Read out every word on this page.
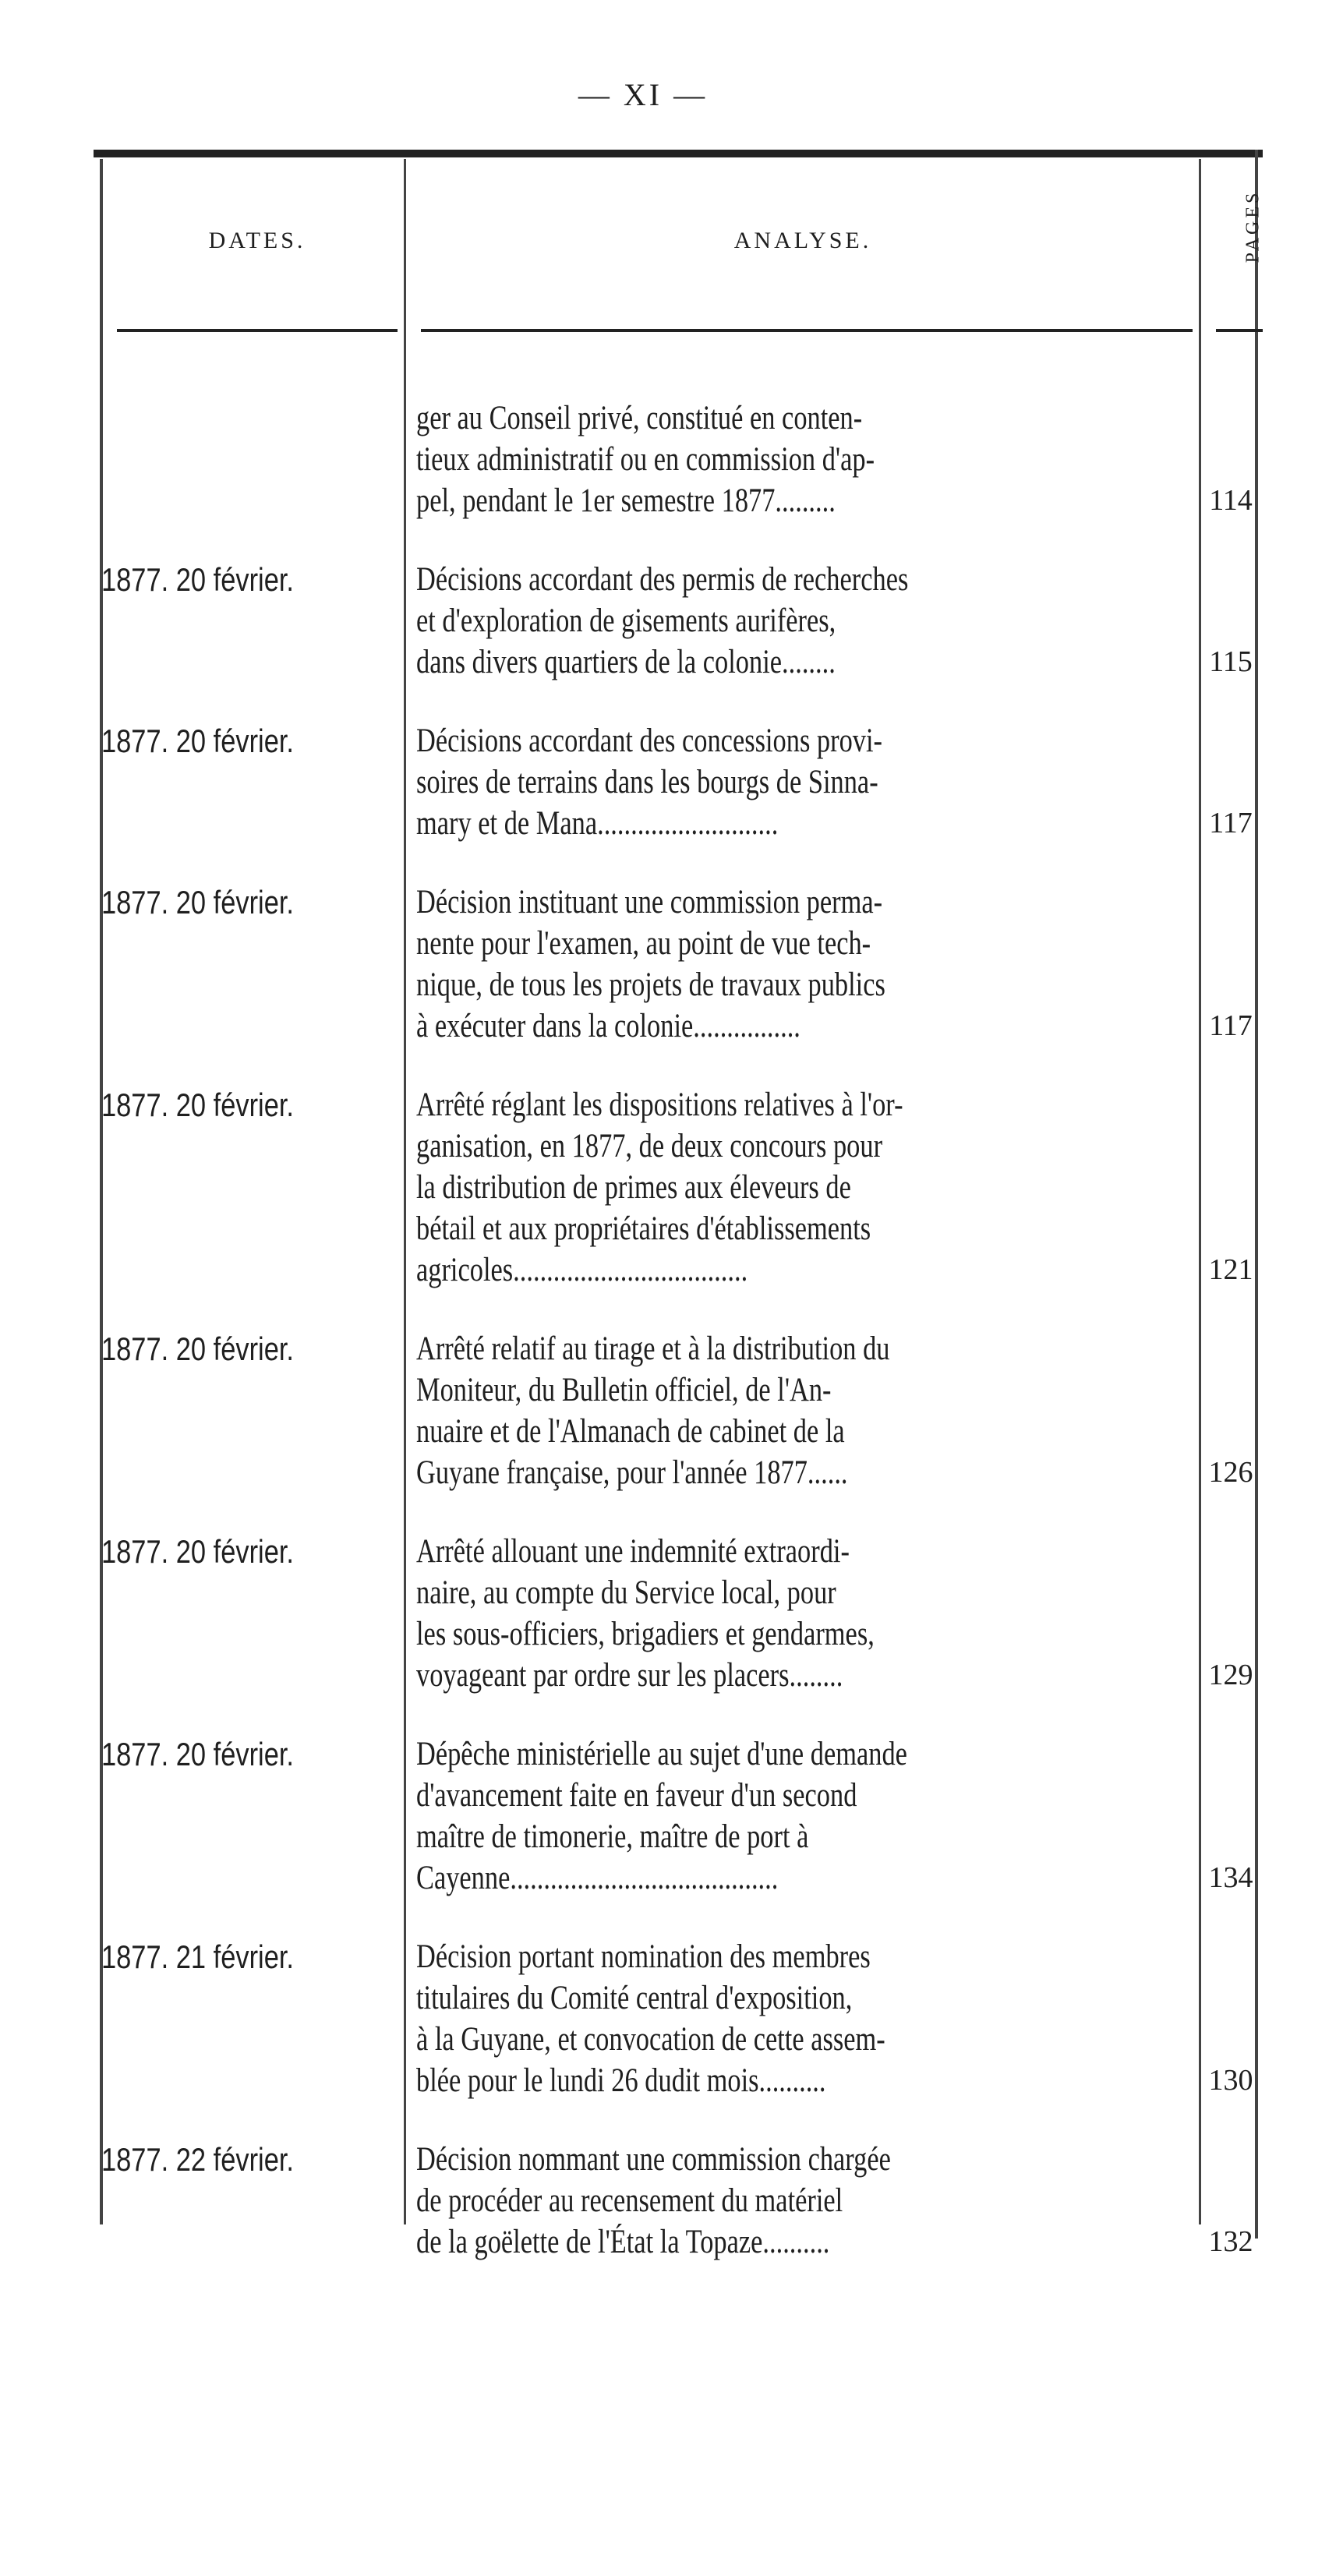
— XI —
DATES.	ANALYSE.	PAGES
ger au Conseil privé, constitué en conten-
tieux administratif ou en commission d'ap-
pel, pendant le 1er semestre 1877.........	114
1877. 20 février.	Décisions accordant des permis de recherches
et d'exploration de gisements aurifères,
dans divers quartiers de la colonie........	115
1877. 20 février.	Décisions accordant des concessions provi-
soires de terrains dans les bourgs de Sinna-
mary et de Mana...........................	117
1877. 20 février.	Décision instituant une commission perma-
nente pour l'examen, au point de vue tech-
nique, de tous les projets de travaux publics
à exécuter dans la colonie................	117
1877. 20 février.	Arrêté réglant les dispositions relatives à l'or-
ganisation, en 1877, de deux concours pour
la distribution de primes aux éleveurs de
bétail et aux propriétaires d'établissements
agricoles...................................	121
1877. 20 février.	Arrêté relatif au tirage et à la distribution du
Moniteur, du Bulletin officiel, de l'An-
nuaire et de l'Almanach de cabinet de la
Guyane française, pour l'année 1877......	126
1877. 20 février.	Arrêté allouant une indemnité extraordi-
naire, au compte du Service local, pour
les sous-officiers, brigadiers et gendarmes,
voyageant par ordre sur les placers........	129
1877. 20 février.	Dépêche ministérielle au sujet d'une demande
d'avancement faite en faveur d'un second
maître de timonerie, maître de port à
Cayenne........................................	134
1877. 21 février.	Décision portant nomination des membres
titulaires du Comité central d'exposition,
à la Guyane, et convocation de cette assem-
blée pour le lundi 26 dudit mois..........	130
1877. 22 février.	Décision nommant une commission chargée
de procéder au recensement du matériel
de la goëlette de l'État la Topaze..........	132
